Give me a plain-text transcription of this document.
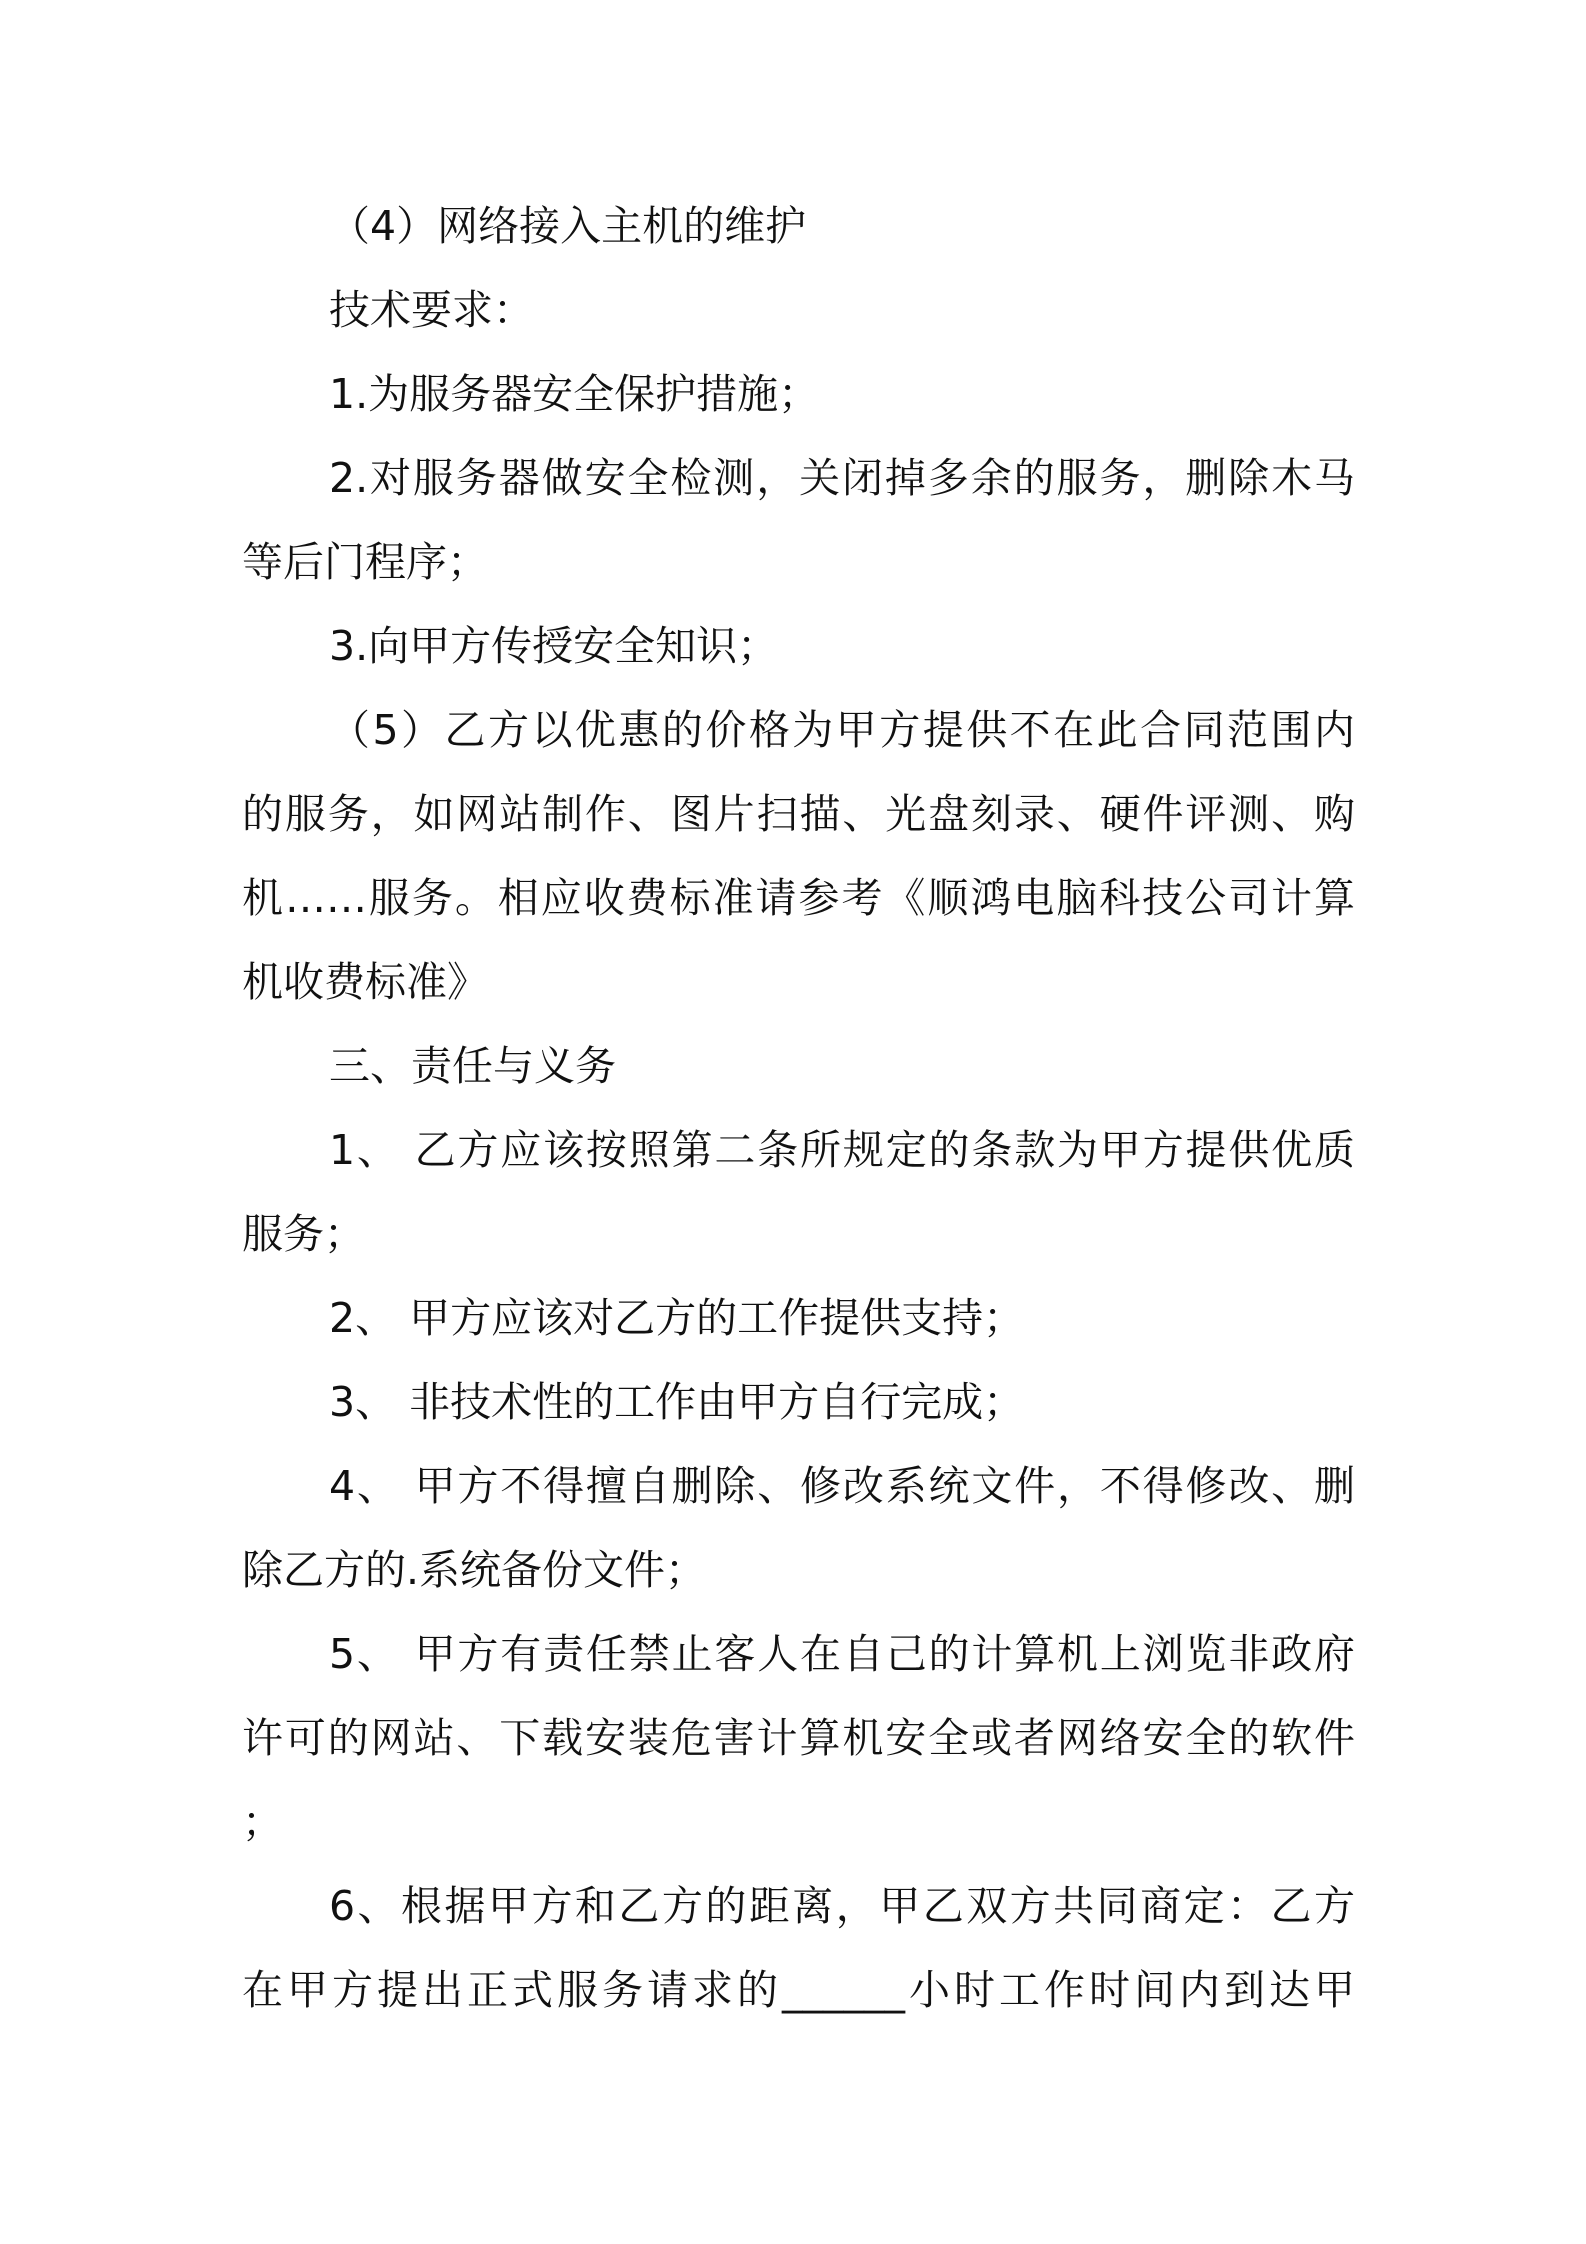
（4）网络接入主机的维护
技术要求：
1.为服务器安全保护措施；
2.对服务器做安全检测，关闭掉多余的服务，删除木马
等后门程序；
3.向甲方传授安全知识；
（5）乙方以优惠的价格为甲方提供不在此合同范围内
的服务，如网站制作、图片扫描、光盘刻录、硬件评测、购
机……服务。相应收费标准请参考《顺鸿电脑科技公司计算
机收费标准》
三、责任与义务
1、 乙方应该按照第二条所规定的条款为甲方提供优质
服务；
2、 甲方应该对乙方的工作提供支持；
3、 非技术性的工作由甲方自行完成；
4、 甲方不得擅自删除、修改系统文件，不得修改、删
除乙方的.系统备份文件；
5、 甲方有责任禁止客人在自己的计算机上浏览非政府
许可的网站、下载安装危害计算机安全或者网络安全的软件
；
6、根据甲方和乙方的距离，甲乙双方共同商定：乙方
在甲方提出正式服务请求的______小时工作时间内到达甲
